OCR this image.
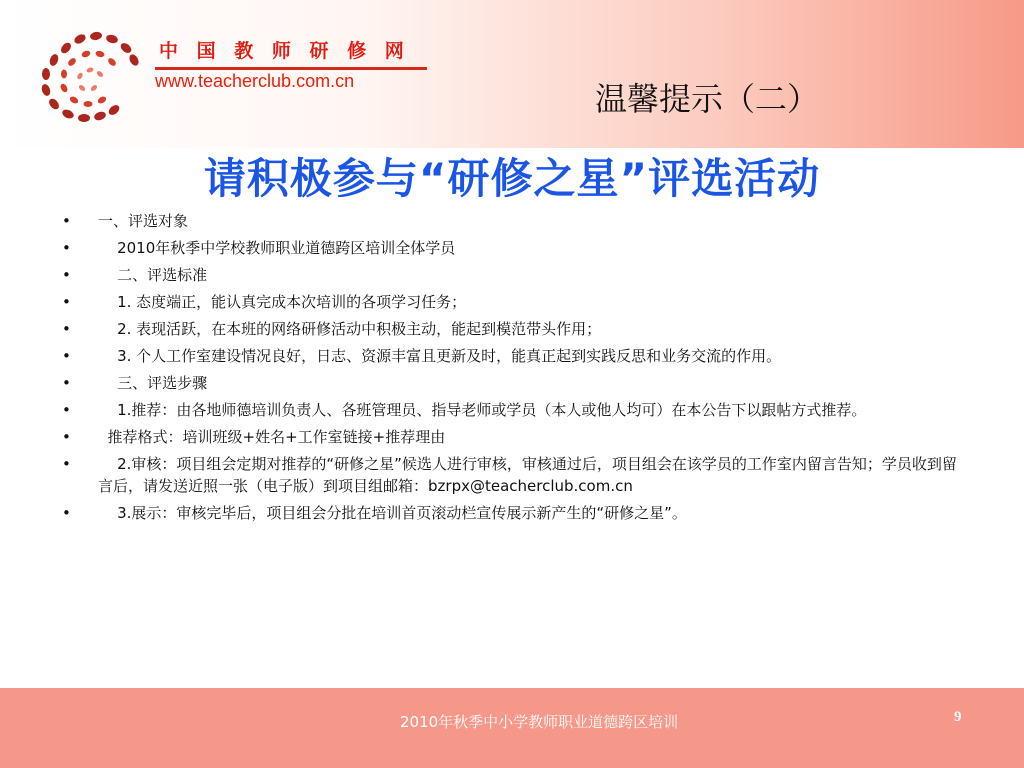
中 国 教 师 研 修 网
www.teacherclub.com.cn	温馨提示（二）
请积极参与“研修之星”评选活动
•	一、评选对象
•	2010年秋季中学校教师职业道德跨区培训全体学员
•	二、评选标准
•	1. 态度端正，能认真完成本次培训的各项学习任务；
•	2. 表现活跃，在本班的网络研修活动中积极主动，能起到模范带头作用；
•	3. 个人工作室建设情况良好，日志、资源丰富且更新及时，能真正起到实践反思和业务交流的作用。
•	三、评选步骤
•	1.推荐：由各地师德培训负责人、各班管理员、指导老师或学员（本人或他人均可）在本公告下以跟帖方式推荐。
•	推荐格式：培训班级+姓名+工作室链接+推荐理由
•	2.审核：项目组会定期对推荐的“研修之星”候选人进行审核，审核通过后，项目组会在该学员的工作室内留言告知；学员收到留言后，请发送近照一张（电子版）到项目组邮箱：bzrpx@teacherclub.com.cn
•	3.展示：审核完毕后，项目组会分批在培训首页滚动栏宣传展示新产生的“研修之星”。
2010年秋季中小学教师职业道德跨区培训	9
